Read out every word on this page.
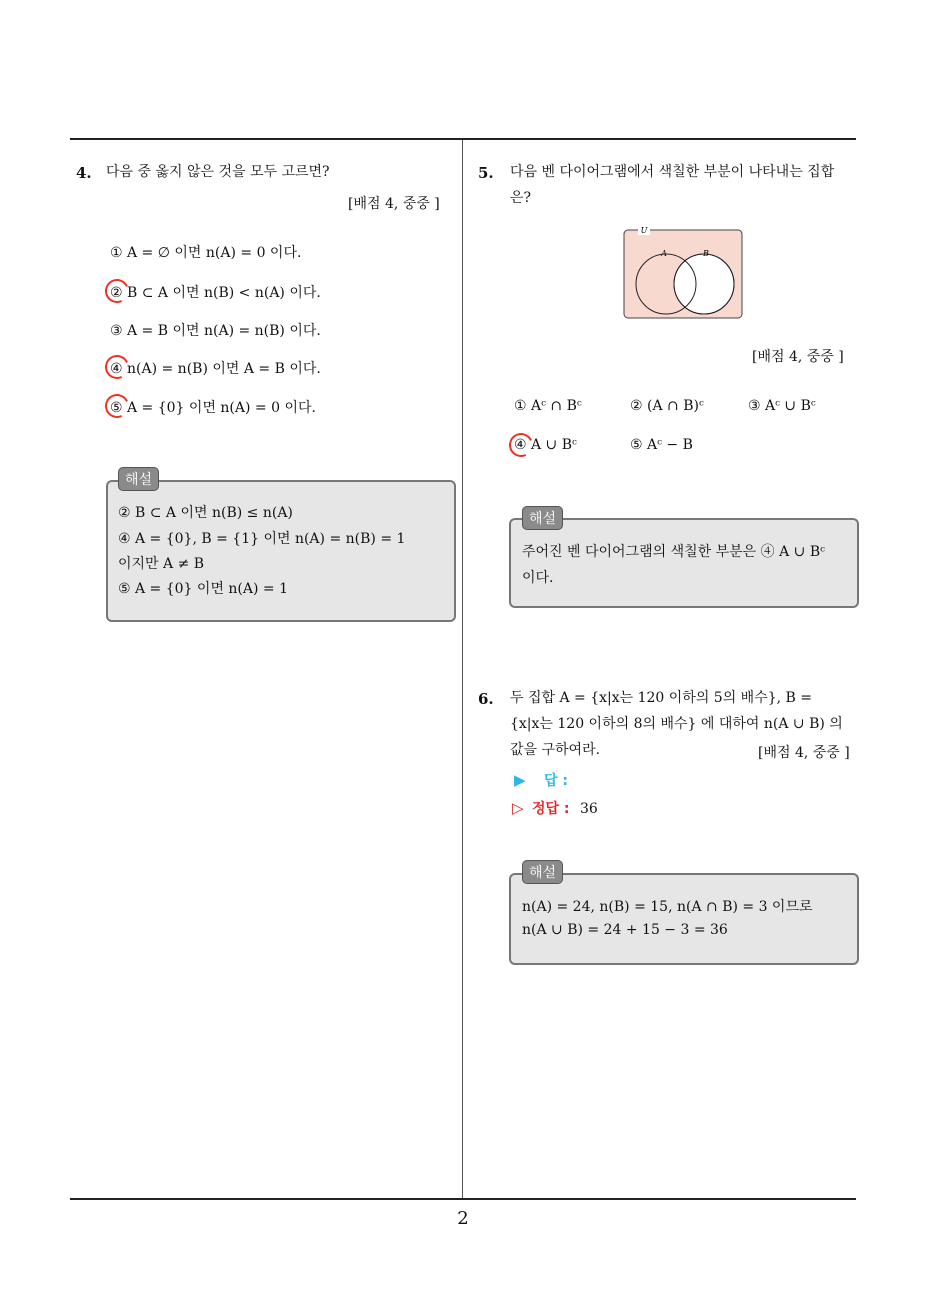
4. 다음 중 옳지 않은 것을 모두 고르면?
[배점 4, 중중 ]
① A = ∅ 이면 n(A) = 0 이다.
② B ⊂ A 이면 n(B) < n(A) 이다.
③ A = B 이면 n(A) = n(B) 이다.
④ n(A) = n(B) 이면 A = B 이다.
⑤ A = {0} 이면 n(A) = 0 이다.
해설
② B ⊂ A 이면 n(B) ≤ n(A)
④ A = {0}, B = {1} 이면 n(A) = n(B) = 1
이지만 A ≠ B
⑤ A = {0} 이면 n(A) = 1
5. 다음 벤 다이어그램에서 색칠한 부분이 나타내는 집합
은?
U
A	B
[배점 4, 중중 ]
① Aᶜ ∩ Bᶜ	② (A ∩ B)ᶜ	③ Aᶜ ∪ Bᶜ
④ A ∪ Bᶜ	⑤ Aᶜ − B
해설
주어진 벤 다이어그램의 색칠한 부분은 ④ A ∪ Bᶜ
이다.
6. 두 집합 A = {x|x는 120 이하의 5의 배수}, B =
{x|x는 120 이하의 8의 배수} 에 대하여 n(A ∪ B) 의
값을 구하여라.	[배점 4, 중중 ]
▶ 답 :
▷ 정답 : 36
해설
n(A) = 24, n(B) = 15, n(A ∩ B) = 3 이므로
n(A ∪ B) = 24 + 15 − 3 = 36
2
